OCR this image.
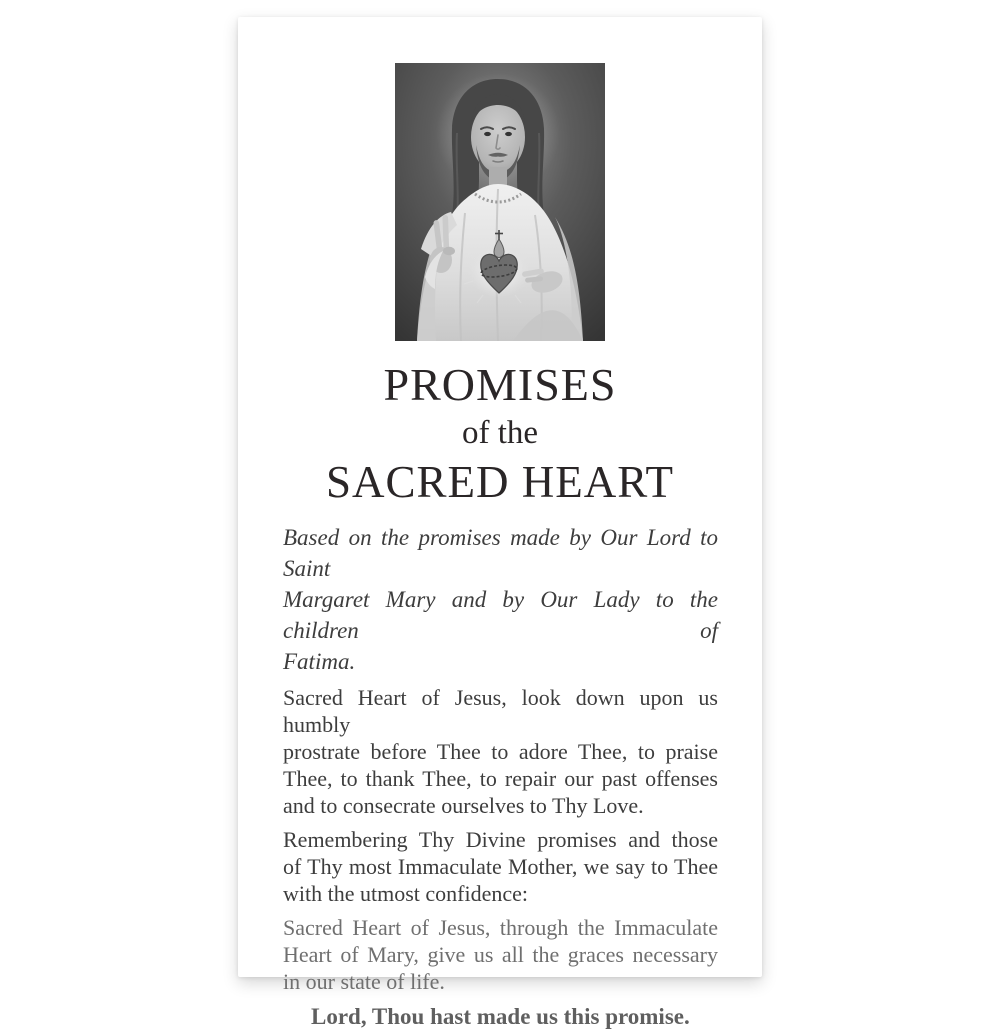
PROMISES
of the
SACRED HEART
Based on the promises made by Our Lord to Saint
Margaret Mary and by Our Lady to the children of
Fatima.
Sacred Heart of Jesus, look down upon us humbly
prostrate before Thee to adore Thee, to praise
Thee, to thank Thee, to repair our past offenses
and to consecrate ourselves to Thy Love.
Remembering Thy Divine promises and those
of Thy most Immaculate Mother, we say to Thee
with the utmost confidence:
Sacred Heart of Jesus, through the Immaculate
Heart of Mary, give us all the graces necessary
in our state of life.
Lord, Thou hast made us this promise.
